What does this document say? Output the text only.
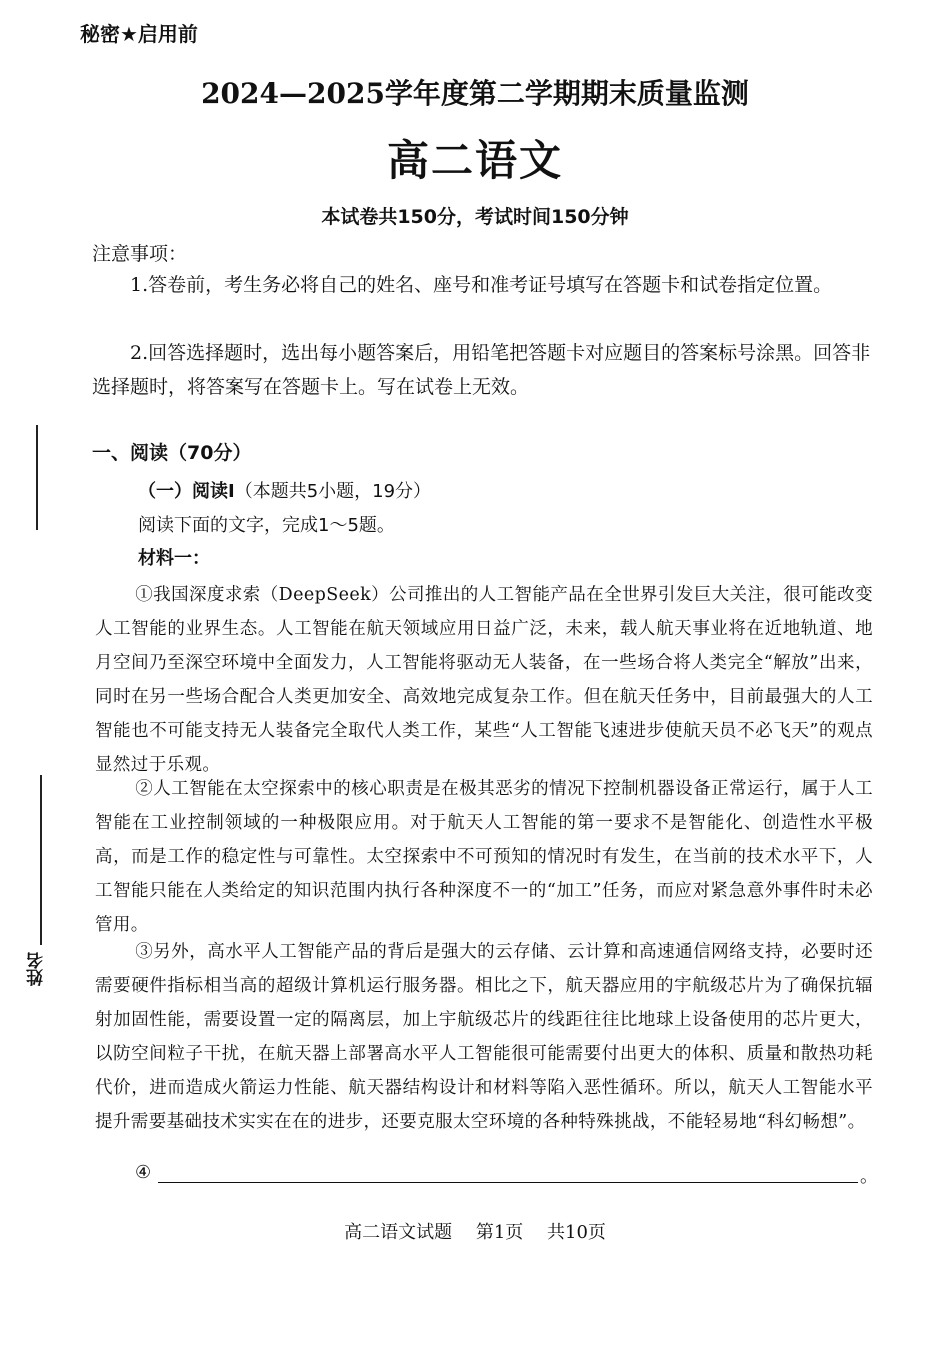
秘密★启用前
2024—2025学年度第二学期期末质量监测
高二语文
本试卷共150分，考试时间150分钟
注意事项：
1.答卷前，考生务必将自己的姓名、座号和准考证号填写在答题卡和试卷指定位置。
2.回答选择题时，选出每小题答案后，用铅笔把答题卡对应题目的答案标号涂黑。回答非选择题时，将答案写在答题卡上。写在试卷上无效。
一、阅读（70分）
（一）阅读Ⅰ（本题共5小题，19分）
阅读下面的文字，完成1～5题。
材料一：
①我国深度求索（DeepSeek）公司推出的人工智能产品在全世界引发巨大关注，很可能改变人工智能的业界生态。人工智能在航天领域应用日益广泛，未来，载人航天事业将在近地轨道、地月空间乃至深空环境中全面发力，人工智能将驱动无人装备，在一些场合将人类完全“解放”出来，同时在另一些场合配合人类更加安全、高效地完成复杂工作。但在航天任务中，目前最强大的人工智能也不可能支持无人装备完全取代人类工作，某些“人工智能飞速进步使航天员不必飞天”的观点显然过于乐观。
②人工智能在太空探索中的核心职责是在极其恶劣的情况下控制机器设备正常运行，属于人工智能在工业控制领域的一种极限应用。对于航天人工智能的第一要求不是智能化、创造性水平极高，而是工作的稳定性与可靠性。太空探索中不可预知的情况时有发生，在当前的技术水平下，人工智能只能在人类给定的知识范围内执行各种深度不一的“加工”任务，而应对紧急意外事件时未必管用。
③另外，高水平人工智能产品的背后是强大的云存储、云计算和高速通信网络支持，必要时还需要硬件指标相当高的超级计算机运行服务器。相比之下，航天器应用的宇航级芯片为了确保抗辐射加固性能，需要设置一定的隔离层，加上宇航级芯片的线距往往比地球上设备使用的芯片更大，以防空间粒子干扰，在航天器上部署高水平人工智能很可能需要付出更大的体积、质量和散热功耗代价，进而造成火箭运力性能、航天器结构设计和材料等陷入恶性循环。所以，航天人工智能水平提升需要基础技术实实在在的进步，还要克服太空环境的各种特殊挑战，不能轻易地“科幻畅想”。
④	。
高二语文试题 第1页 共10页
姓名
